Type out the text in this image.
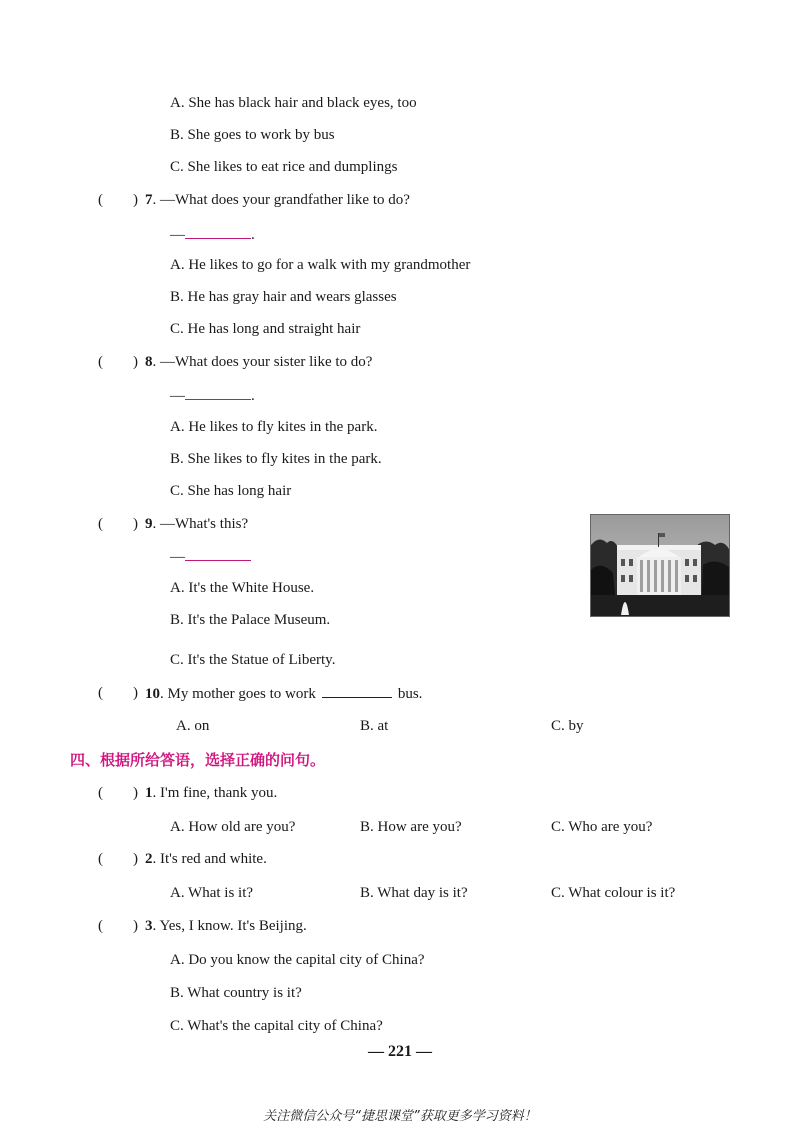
A. She has black hair and black eyes, too
B. She goes to work by bus
C. She likes to eat rice and dumplings
(　　) 7. —What does your grandfather like to do?
—	.
A. He likes to go for a walk with my grandmother
B. He has gray hair and wears glasses
C. He has long and straight hair
(　　) 8. —What does your sister like to do?
—	.
A. He likes to fly kites in the park.
B. She likes to fly kites in the park.
C. She has long hair
(　　) 9. —What's this?
—
A. It's the White House.
B. It's the Palace Museum.
C. It's the Statue of Liberty.
(　　) 10. My mother goes to work	bus.
A. on	B. at	C. by
四、根据所给答语，选择正确的问句。
(　　) 1. I'm fine, thank you.
A. How old are you?	B. How are you?	C. Who are you?
(　　) 2. It's red and white.
A. What is it?	B. What day is it?	C. What colour is it?
(　　) 3. Yes, I know. It's Beijing.
A. Do you know the capital city of China?
B. What country is it?
C. What's the capital city of China?
— 221 —
关注微信公众号“捷思课堂”获取更多学习资料！
